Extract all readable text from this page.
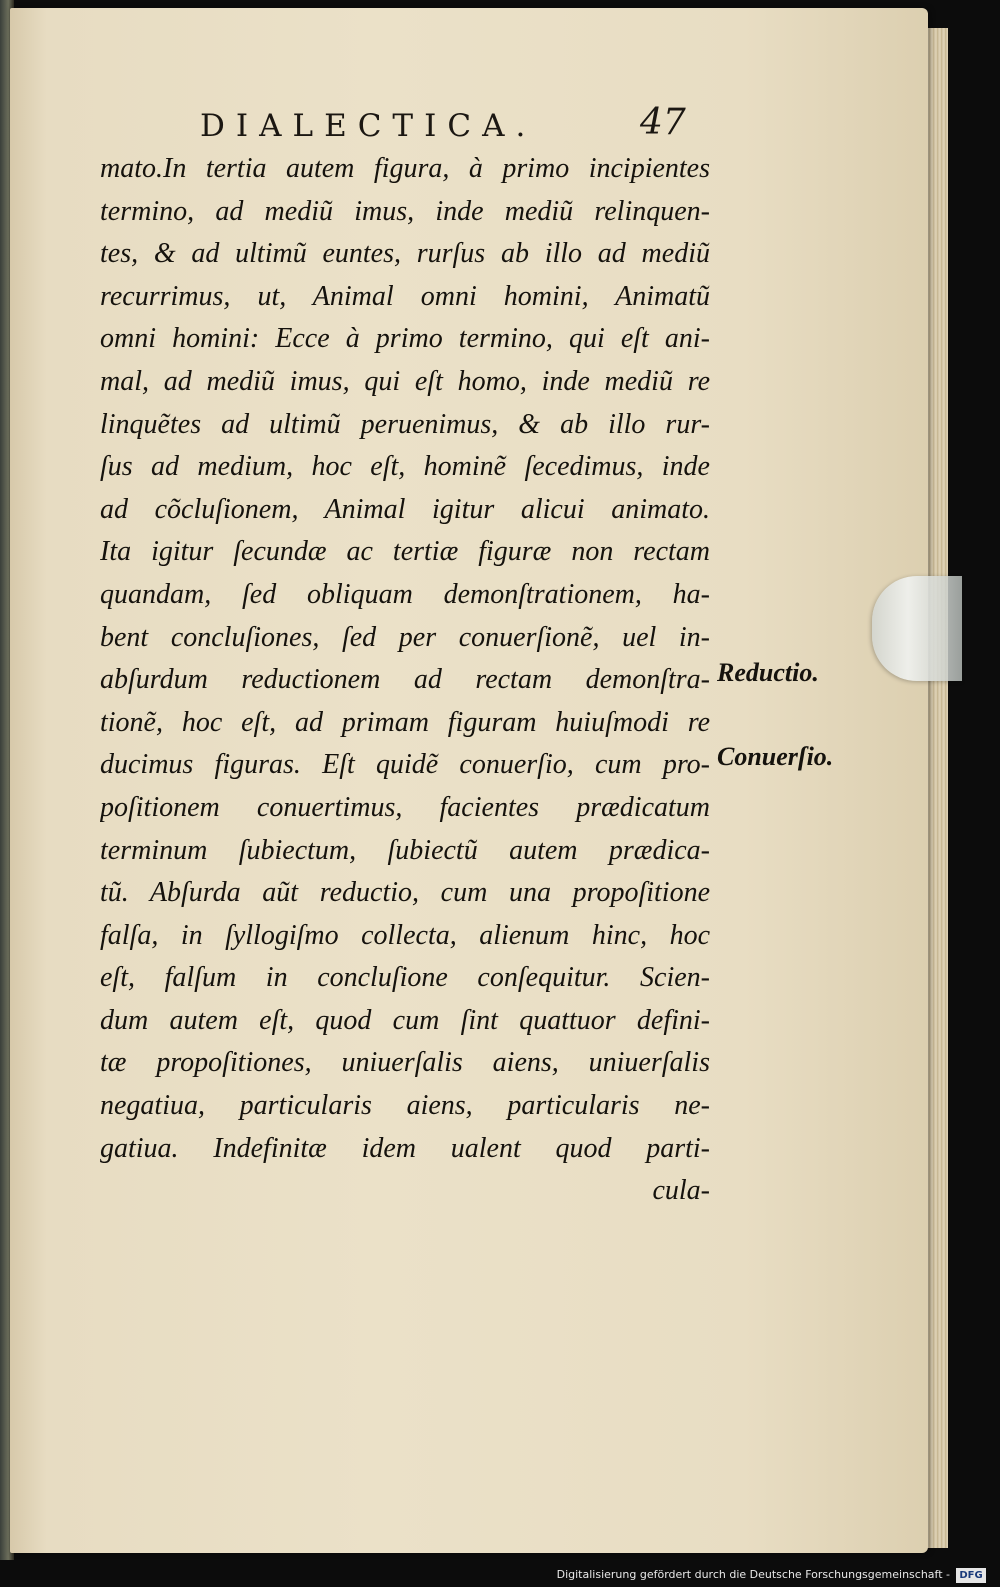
DIALECTICA.	47
mato.In tertia autem figura, à primo incipientes
termino, ad mediũ imus, inde mediũ relinquen-
tes, & ad ultimũ euntes, rurſus ab illo ad mediũ
recurrimus, ut, Animal omni homini, Animatũ
omni homini: Ecce à primo termino, qui eſt ani-
mal, ad mediũ imus, qui eſt homo, inde mediũ re
linquẽtes ad ultimũ peruenimus, & ab illo rur-
ſus ad medium, hoc eſt, hominẽ ſecedimus, inde
ad cõcluſionem, Animal igitur alicui animato.
Ita igitur ſecundæ ac tertiæ figuræ non rectam
quandam, ſed obliquam demonſtrationem, ha-
bent concluſiones, ſed per conuerſionẽ, uel in-
abſurdum reductionem ad rectam demonſtra-
tionẽ, hoc eſt, ad primam figuram huiuſmodi re
ducimus figuras. Eſt quidẽ conuerſio, cum pro-
poſitionem conuertimus, facientes prædicatum
terminum ſubiectum, ſubiectũ autem prædica-
tũ. Abſurda aũt reductio, cum una propoſitione
falſa, in ſyllogiſmo collecta, alienum hinc, hoc
eſt, falſum in concluſione conſequitur. Scien-
dum autem eſt, quod cum ſint quattuor defini-
tæ propoſitiones, uniuerſalis aiens, uniuerſalis
negatiua, particularis aiens, particularis ne-
gatiua. Indefinitæ idem ualent quod parti-
cula-
Reductio.
Conuerſio.
Digitalisierung gefördert durch die Deutsche Forschungsgemeinschaft - DFG
